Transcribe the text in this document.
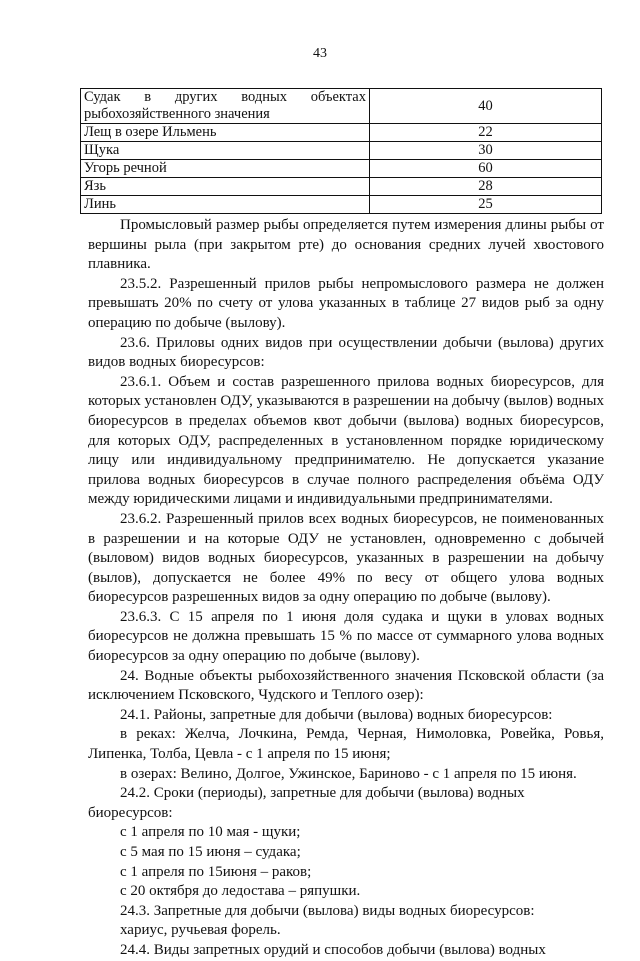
43
Судак в других водных объектах рыбохозяйственного значения	40
Лещ в озере Ильмень	22
Щука	30
Угорь речной	60
Язь	28
Линь	25

Промысловый размер рыбы определяется путем измерения длины рыбы от вершины рыла (при закрытом рте) до основания средних лучей хвостового плавника.

23.5.2. Разрешенный прилов рыбы непромыслового размера не должен превышать 20% по счету от улова указанных в таблице 27 видов рыб за одну операцию по добыче (вылову).

23.6. Приловы одних видов при осуществлении добычи (вылова) других видов водных биоресурсов:

23.6.1. Объем и состав разрешенного прилова водных биоресурсов, для которых установлен ОДУ, указываются в разрешении на добычу (вылов) водных биоресурсов в пределах объемов квот добычи (вылова) водных биоресурсов, для которых ОДУ, распределенных в установленном порядке юридическому лицу или индивидуальному предпринимателю. Не допускается указание прилова водных биоресурсов в случае полного распределения объёма ОДУ между юридическими лицами и индивидуальными предпринимателями.

23.6.2. Разрешенный прилов всех водных биоресурсов, не поименованных в разрешении и на которые ОДУ не установлен, одновременно с добычей (выловом) видов водных биоресурсов, указанных в разрешении на добычу (вылов), допускается не более 49% по весу от общего улова водных биоресурсов разрешенных видов за одну операцию по добыче (вылову).

23.6.3. С 15 апреля по 1 июня доля судака и щуки в уловах водных биоресурсов не должна превышать 15 % по массе от суммарного улова водных биоресурсов за одну операцию по добыче (вылову).

24. Водные объекты рыбохозяйственного значения Псковской области (за исключением Псковского, Чудского и Теплого озер):

24.1. Районы, запретные для добычи (вылова) водных биоресурсов:

в реках: Желча, Лочкина, Ремда, Черная, Нимоловка, Ровейка, Ровья, Липенка, Толба, Цевла - с 1 апреля по 15 июня;

в озерах: Велино, Долгое, Ужинское, Бариново - с 1 апреля по 15 июня.

24.2. Сроки (периоды), запретные для добычи (вылова) водных биоресурсов:

с 1 апреля по 10 мая - щуки;

с 5 мая по 15 июня – судака;

с 1 апреля по 15июня – раков;

с 20 октября до ледостава – ряпушки.

24.3. Запретные для добычи (вылова) виды водных биоресурсов:

хариус, ручьевая форель.

24.4. Виды запретных орудий и способов добычи (вылова) водных
